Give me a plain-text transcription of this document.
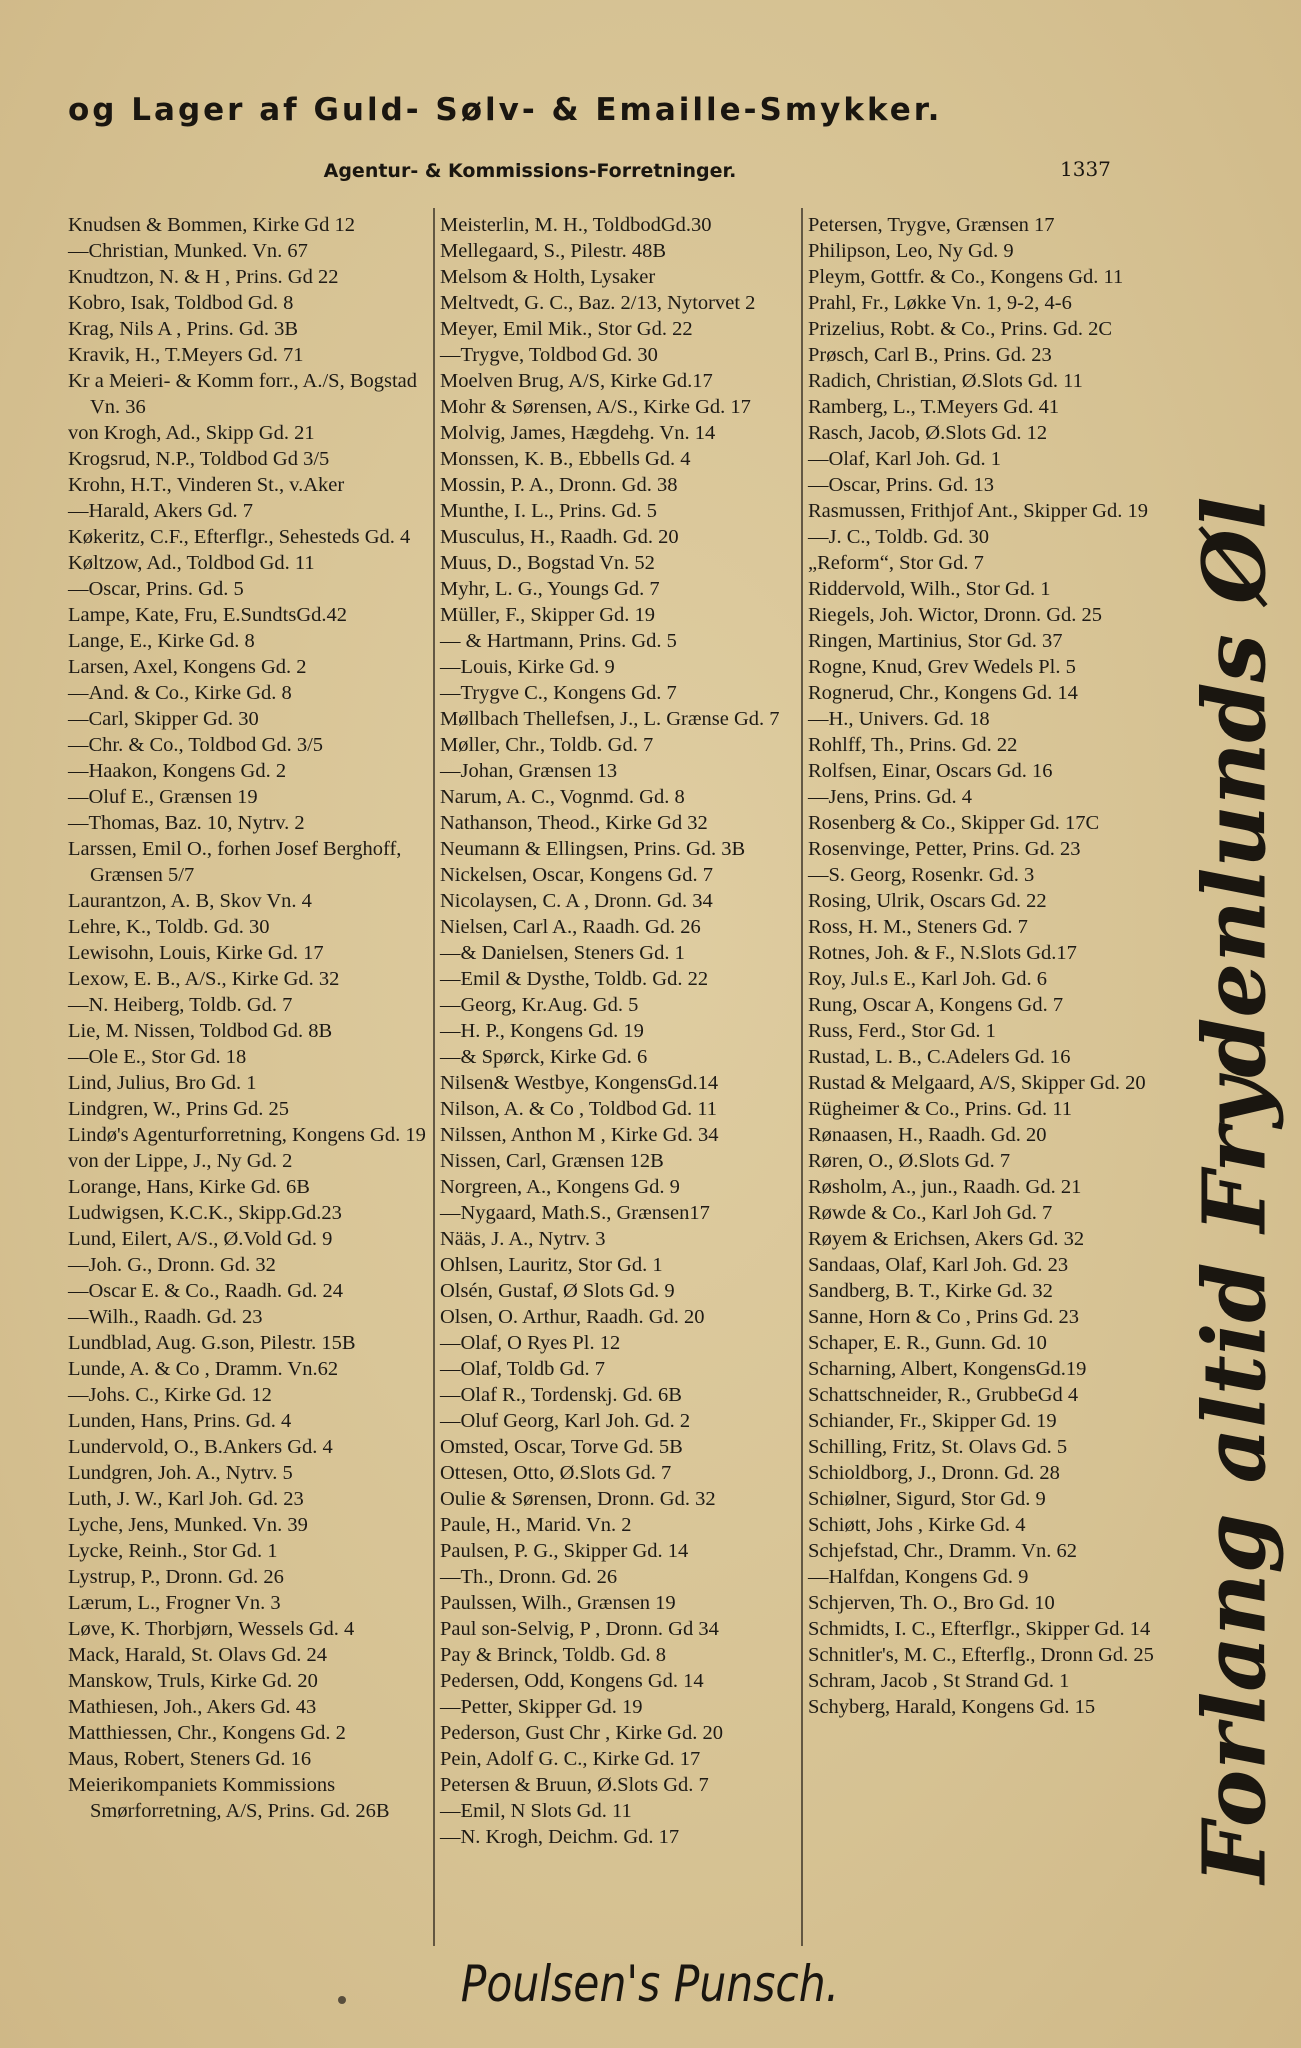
og Lager af Guld- Sølv- & Emaille-Smykker.
Agentur- & Kommissions-Forretninger.	1337
Knudsen & Bommen, Kirke Gd 12
—Christian, Munked. Vn. 67
Knudtzon, N. & H , Prins. Gd 22
Kobro, Isak, Toldbod Gd. 8
Krag, Nils A , Prins. Gd. 3B
Kravik, H., T.Meyers Gd. 71
Kr a Meieri- & Komm forr., A./S, Bogstad Vn. 36
von Krogh, Ad., Skipp Gd. 21
Krogsrud, N.P., Toldbod Gd 3/5
Krohn, H.T., Vinderen St., v.Aker
—Harald, Akers Gd. 7
Køkeritz, C.F., Efterflgr., Sehesteds Gd. 4
Køltzow, Ad., Toldbod Gd. 11
—Oscar, Prins. Gd. 5
Lampe, Kate, Fru, E.SundtsGd.42
Lange, E., Kirke Gd. 8
Larsen, Axel, Kongens Gd. 2
—And. & Co., Kirke Gd. 8
—Carl, Skipper Gd. 30
—Chr. & Co., Toldbod Gd. 3/5
—Haakon, Kongens Gd. 2
—Oluf E., Grænsen 19
—Thomas, Baz. 10, Nytrv. 2
Larssen, Emil O., forhen Josef Berghoff, Grænsen 5/7
Laurantzon, A. B, Skov Vn. 4
Lehre, K., Toldb. Gd. 30
Lewisohn, Louis, Kirke Gd. 17
Lexow, E. B., A/S., Kirke Gd. 32
—N. Heiberg, Toldb. Gd. 7
Lie, M. Nissen, Toldbod Gd. 8B
—Ole E., Stor Gd. 18
Lind, Julius, Bro Gd. 1
Lindgren, W., Prins Gd. 25
Lindø's Agenturforretning, Kongens Gd. 19
von der Lippe, J., Ny Gd. 2
Lorange, Hans, Kirke Gd. 6B
Ludwigsen, K.C.K., Skipp.Gd.23
Lund, Eilert, A/S., Ø.Vold Gd. 9
—Joh. G., Dronn. Gd. 32
—Oscar E. & Co., Raadh. Gd. 24
—Wilh., Raadh. Gd. 23
Lundblad, Aug. G.son, Pilestr. 15B
Lunde, A. & Co , Dramm. Vn.62
—Johs. C., Kirke Gd. 12
Lunden, Hans, Prins. Gd. 4
Lundervold, O., B.Ankers Gd. 4
Lundgren, Joh. A., Nytrv. 5
Luth, J. W., Karl Joh. Gd. 23
Lyche, Jens, Munked. Vn. 39
Lycke, Reinh., Stor Gd. 1
Lystrup, P., Dronn. Gd. 26
Lærum, L., Frogner Vn. 3
Løve, K. Thorbjørn, Wessels Gd. 4
Mack, Harald, St. Olavs Gd. 24
Manskow, Truls, Kirke Gd. 20
Mathiesen, Joh., Akers Gd. 43
Matthiessen, Chr., Kongens Gd. 2
Maus, Robert, Steners Gd. 16
Meierikompaniets Kommissions Smørforretning, A/S, Prins. Gd. 26B
Meisterlin, M. H., ToldbodGd.30
Mellegaard, S., Pilestr. 48B
Melsom & Holth, Lysaker
Meltvedt, G. C., Baz. 2/13, Nytorvet 2
Meyer, Emil Mik., Stor Gd. 22
—Trygve, Toldbod Gd. 30
Moelven Brug, A/S, Kirke Gd.17
Mohr & Sørensen, A/S., Kirke Gd. 17
Molvig, James, Hægdehg. Vn. 14
Monssen, K. B., Ebbells Gd. 4
Mossin, P. A., Dronn. Gd. 38
Munthe, I. L., Prins. Gd. 5
Musculus, H., Raadh. Gd. 20
Muus, D., Bogstad Vn. 52
Myhr, L. G., Youngs Gd. 7
Müller, F., Skipper Gd. 19
— & Hartmann, Prins. Gd. 5
—Louis, Kirke Gd. 9
—Trygve C., Kongens Gd. 7
Møllbach Thellefsen, J., L. Grænse Gd. 7
Møller, Chr., Toldb. Gd. 7
—Johan, Grænsen 13
Narum, A. C., Vognmd. Gd. 8
Nathanson, Theod., Kirke Gd 32
Neumann & Ellingsen, Prins. Gd. 3B
Nickelsen, Oscar, Kongens Gd. 7
Nicolaysen, C. A , Dronn. Gd. 34
Nielsen, Carl A., Raadh. Gd. 26
—& Danielsen, Steners Gd. 1
—Emil & Dysthe, Toldb. Gd. 22
—Georg, Kr.Aug. Gd. 5
—H. P., Kongens Gd. 19
—& Spørck, Kirke Gd. 6
Nilsen& Westbye, KongensGd.14
Nilson, A. & Co , Toldbod Gd. 11
Nilssen, Anthon M , Kirke Gd. 34
Nissen, Carl, Grænsen 12B
Norgreen, A., Kongens Gd. 9
—Nygaard, Math.S., Grænsen17
Nääs, J. A., Nytrv. 3
Ohlsen, Lauritz, Stor Gd. 1
Olsén, Gustaf, Ø Slots Gd. 9
Olsen, O. Arthur, Raadh. Gd. 20
—Olaf, O Ryes Pl. 12
—Olaf, Toldb Gd. 7
—Olaf R., Tordenskj. Gd. 6B
—Oluf Georg, Karl Joh. Gd. 2
Omsted, Oscar, Torve Gd. 5B
Ottesen, Otto, Ø.Slots Gd. 7
Oulie & Sørensen, Dronn. Gd. 32
Paule, H., Marid. Vn. 2
Paulsen, P. G., Skipper Gd. 14
—Th., Dronn. Gd. 26
Paulssen, Wilh., Grænsen 19
Paul son-Selvig, P , Dronn. Gd 34
Pay & Brinck, Toldb. Gd. 8
Pedersen, Odd, Kongens Gd. 14
—Petter, Skipper Gd. 19
Pederson, Gust Chr , Kirke Gd. 20
Pein, Adolf G. C., Kirke Gd. 17
Petersen & Bruun, Ø.Slots Gd. 7
—Emil, N Slots Gd. 11
—N. Krogh, Deichm. Gd. 17
Petersen, Trygve, Grænsen 17
Philipson, Leo, Ny Gd. 9
Pleym, Gottfr. & Co., Kongens Gd. 11
Prahl, Fr., Løkke Vn. 1, 9-2, 4-6
Prizelius, Robt. & Co., Prins. Gd. 2C
Prøsch, Carl B., Prins. Gd. 23
Radich, Christian, Ø.Slots Gd. 11
Ramberg, L., T.Meyers Gd. 41
Rasch, Jacob, Ø.Slots Gd. 12
—Olaf, Karl Joh. Gd. 1
—Oscar, Prins. Gd. 13
Rasmussen, Frithjof Ant., Skipper Gd. 19
—J. C., Toldb. Gd. 30
„Reform“, Stor Gd. 7
Riddervold, Wilh., Stor Gd. 1
Riegels, Joh. Wictor, Dronn. Gd. 25
Ringen, Martinius, Stor Gd. 37
Rogne, Knud, Grev Wedels Pl. 5
Rognerud, Chr., Kongens Gd. 14
—H., Univers. Gd. 18
Rohlff, Th., Prins. Gd. 22
Rolfsen, Einar, Oscars Gd. 16
—Jens, Prins. Gd. 4
Rosenberg & Co., Skipper Gd. 17C
Rosenvinge, Petter, Prins. Gd. 23
—S. Georg, Rosenkr. Gd. 3
Rosing, Ulrik, Oscars Gd. 22
Ross, H. M., Steners Gd. 7
Rotnes, Joh. & F., N.Slots Gd.17
Roy, Jul.s E., Karl Joh. Gd. 6
Rung, Oscar A, Kongens Gd. 7
Russ, Ferd., Stor Gd. 1
Rustad, L. B., C.Adelers Gd. 16
Rustad & Melgaard, A/S, Skipper Gd. 20
Rügheimer & Co., Prins. Gd. 11
Rønaasen, H., Raadh. Gd. 20
Røren, O., Ø.Slots Gd. 7
Røsholm, A., jun., Raadh. Gd. 21
Røwde & Co., Karl Joh Gd. 7
Røyem & Erichsen, Akers Gd. 32
Sandaas, Olaf, Karl Joh. Gd. 23
Sandberg, B. T., Kirke Gd. 32
Sanne, Horn & Co , Prins Gd. 23
Schaper, E. R., Gunn. Gd. 10
Scharning, Albert, KongensGd.19
Schattschneider, R., GrubbeGd 4
Schiander, Fr., Skipper Gd. 19
Schilling, Fritz, St. Olavs Gd. 5
Schioldborg, J., Dronn. Gd. 28
Schiølner, Sigurd, Stor Gd. 9
Schiøtt, Johs , Kirke Gd. 4
Schjefstad, Chr., Dramm. Vn. 62
—Halfdan, Kongens Gd. 9
Schjerven, Th. O., Bro Gd. 10
Schmidts, I. C., Efterflgr., Skipper Gd. 14
Schnitler's, M. C., Efterflg., Dronn Gd. 25
Schram, Jacob , St Strand Gd. 1
Schyberg, Harald, Kongens Gd. 15	Forlang altid Frydenlunds Øl
Poulsen's Punsch.
